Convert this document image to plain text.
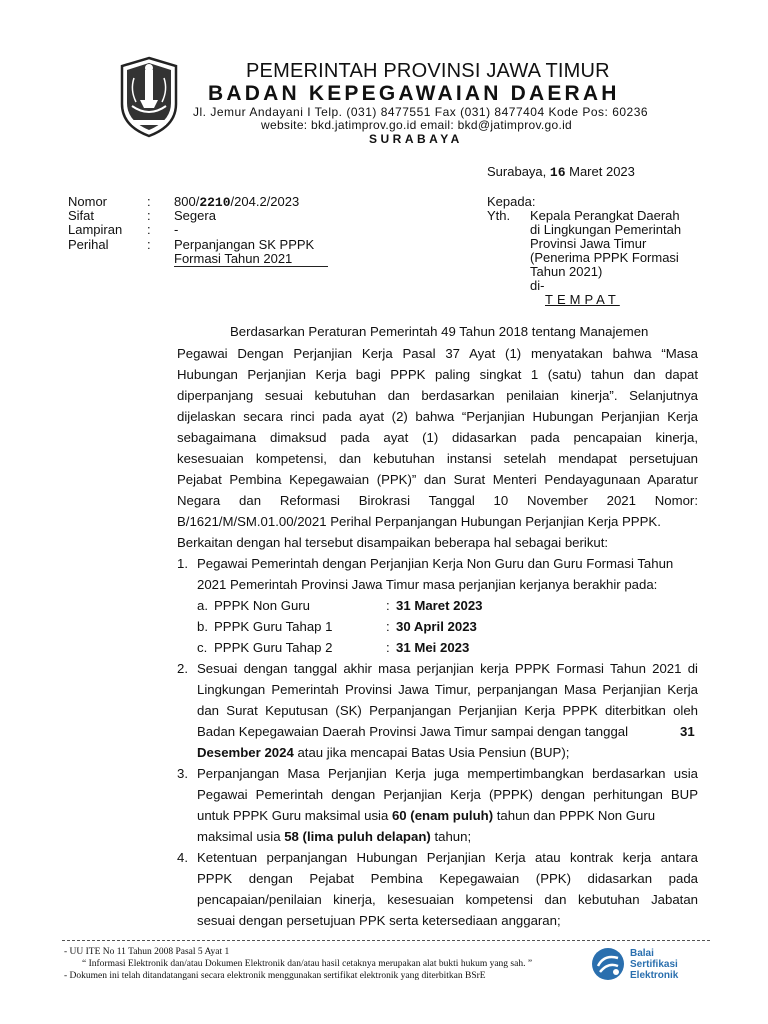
PEMERINTAH PROVINSI JAWA TIMUR
BADAN KEPEGAWAIAN DAERAH
Jl. Jemur Andayani I Telp. (031) 8477551 Fax (031) 8477404 Kode Pos: 60236
website: bkd.jatimprov.go.id email: bkd@jatimprov.go.id
SURABAYA
Surabaya, 16 Maret 2023
Nomor	: 800/2210/204.2/2023
Sifat	: Segera
Lampiran : -
Perihal	: Perpanjangan SK PPPK
Formasi Tahun 2021
Kepada:
Yth. Kepala Perangkat Daerah
di Lingkungan Pemerintah
Provinsi Jawa Timur
(Penerima PPPK Formasi
Tahun 2021)
di-
TEMPAT
Berdasarkan Peraturan Pemerintah 49 Tahun 2018 tentang Manajemen
Pegawai Dengan Perjanjian Kerja Pasal 37 Ayat (1) menyatakan bahwa “Masa
Hubungan Perjanjian Kerja bagi PPPK paling singkat 1 (satu) tahun dan dapat
diperpanjang sesuai kebutuhan dan berdasarkan penilaian kinerja”. Selanjutnya
dijelaskan secara rinci pada ayat (2) bahwa “Perjanjian Hubungan Perjanjian Kerja
sebagaimana dimaksud pada ayat (1) didasarkan pada pencapaian kinerja,
kesesuaian kompetensi, dan kebutuhan instansi setelah mendapat persetujuan
Pejabat Pembina Kepegawaian (PPK)” dan Surat Menteri Pendayagunaan Aparatur
Negara dan Reformasi Birokrasi Tanggal 10 November 2021 Nomor:
B/1621/M/SM.01.00/2021 Perihal Perpanjangan Hubungan Perjanjian Kerja PPPK.
Berkaitan dengan hal tersebut disampaikan beberapa hal sebagai berikut:
1. Pegawai Pemerintah dengan Perjanjian Kerja Non Guru dan Guru Formasi Tahun
2021 Pemerintah Provinsi Jawa Timur masa perjanjian kerjanya berakhir pada:
a. PPPK Non Guru	: 31 Maret 2023
b. PPPK Guru Tahap 1	: 30 April 2023
c. PPPK Guru Tahap 2	: 31 Mei 2023
2. Sesuai dengan tanggal akhir masa perjanjian kerja PPPK Formasi Tahun 2021 di
Lingkungan Pemerintah Provinsi Jawa Timur, perpanjangan Masa Perjanjian Kerja
dan Surat Keputusan (SK) Perpanjangan Perjanjian Kerja PPPK diterbitkan oleh
Badan Kepegawaian Daerah Provinsi Jawa Timur sampai dengan tanggal	31
Desember 2024 atau jika mencapai Batas Usia Pensiun (BUP);
3. Perpanjangan Masa Perjanjian Kerja juga mempertimbangkan berdasarkan usia
Pegawai Pemerintah dengan Perjanjian Kerja (PPPK) dengan perhitungan BUP
untuk PPPK Guru maksimal usia 60 (enam puluh) tahun dan PPPK Non Guru
maksimal usia 58 (lima puluh delapan) tahun;
4. Ketentuan perpanjangan Hubungan Perjanjian Kerja atau kontrak kerja antara
PPPK dengan Pejabat Pembina Kepegawaian (PPK) didasarkan pada
pencapaian/penilaian kinerja, kesesuaian kompetensi dan kebutuhan Jabatan
sesuai dengan persetujuan PPK serta ketersediaan anggaran;
- UU ITE No 11 Tahun 2008 Pasal 5 Ayat 1
“ Informasi Elektronik dan/atau Dokumen Elektronik dan/atau hasil cetaknya merupakan alat bukti hukum yang sah. ”
- Dokumen ini telah ditandatangani secara elektronik menggunakan sertifikat elektronik yang diterbitkan BSrE
Balai
Sertifikasi
Elektronik
